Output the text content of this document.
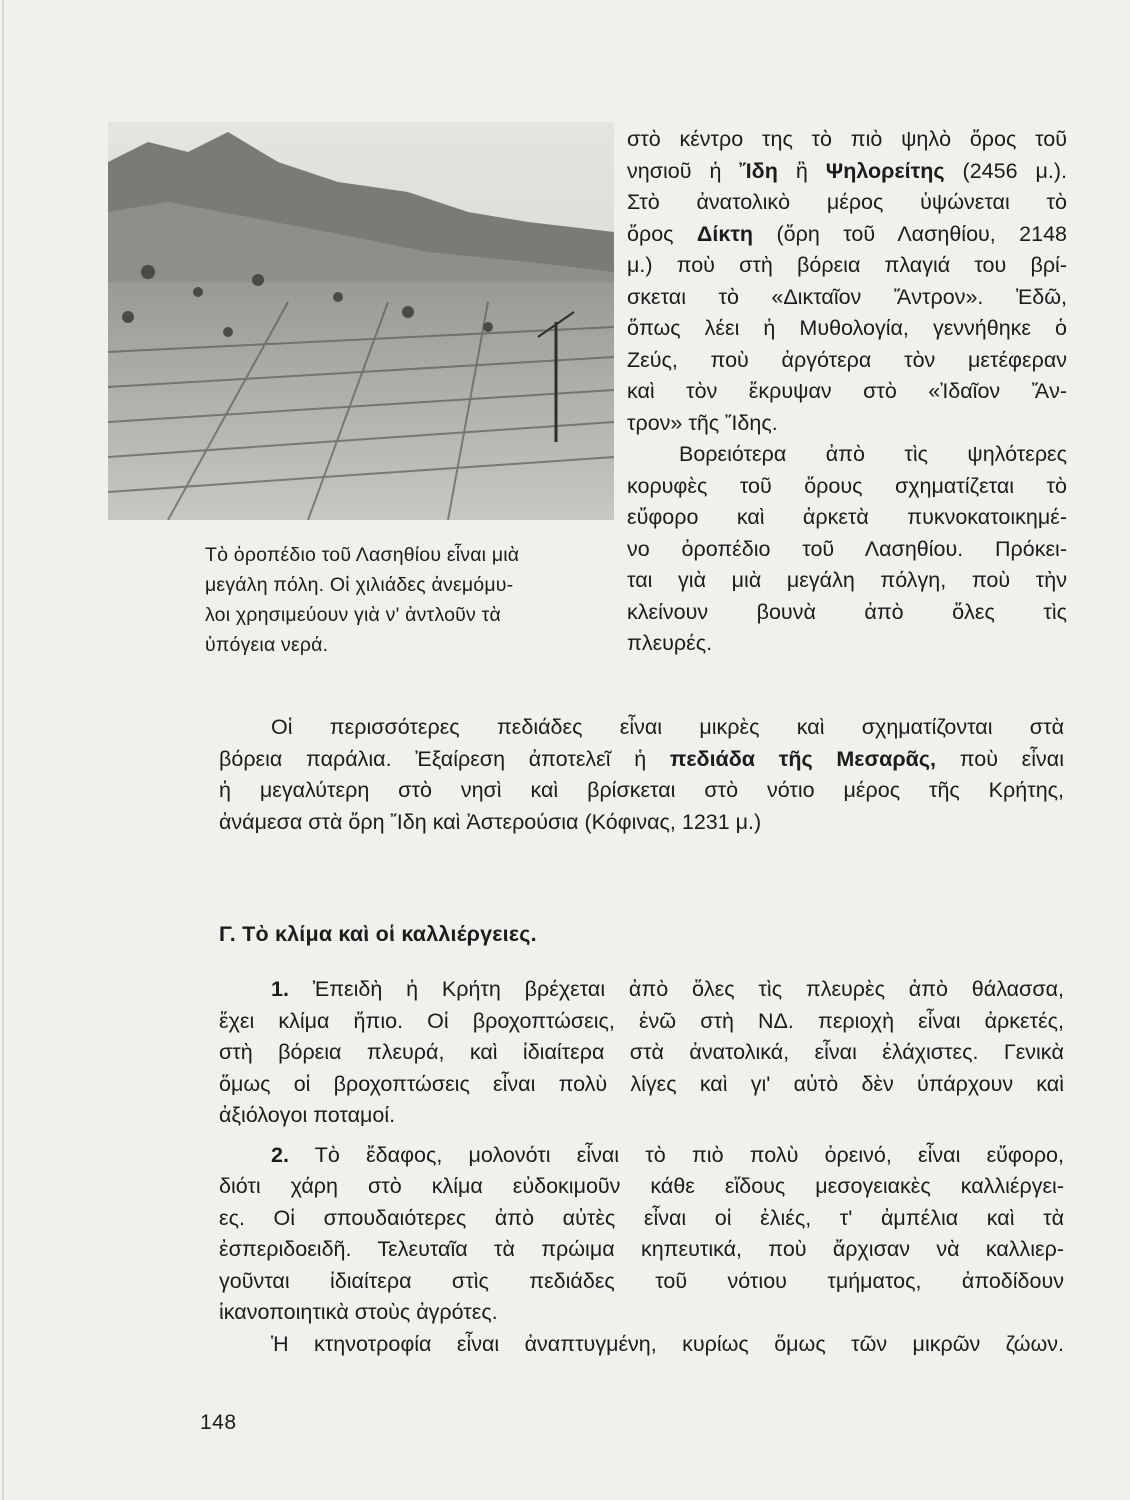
Τὸ ὀροπέδιο τοῦ Λασηθίου εἶναι μιὰ
μεγάλη πόλη. Οἱ χιλιάδες ἀνεμόμυ-
λοι χρησιμεύουν γιὰ ν' ἀντλοῦν τὰ
ὑπόγεια νερά.
στὸ κέντρο της τὸ πιὸ ψηλὸ ὄρος τοῦ
νησιοῦ ἡ Ἴδη ἢ Ψηλορείτης (2456 μ.).
Στὸ ἀνατολικὸ μέρος ὑψώνεται τὸ
ὄρος Δίκτη (ὄρη τοῦ Λασηθίου, 2148
μ.) ποὺ στὴ βόρεια πλαγιά του βρί-
σκεται τὸ «Δικταῖον Ἄντρον». Ἐδῶ,
ὅπως λέει ἡ Μυθολογία, γεννήθηκε ὁ
Ζεύς, ποὺ ἀργότερα τὸν μετέφεραν
καὶ τὸν ἔκρυψαν στὸ «Ἰδαῖον Ἄν-
τρον» τῆς Ἴδης.
Βορειότερα ἀπὸ τὶς ψηλότερες
κορυφὲς τοῦ ὄρους σχηματίζεται τὸ
εὔφορο καὶ ἀρκετὰ πυκνοκατοικημέ-
νο ὀροπέδιο τοῦ Λασηθίου. Πρόκει-
ται γιὰ μιὰ μεγάλη πόλγη, ποὺ τὴν
κλείνουν βουνὰ ἀπὸ ὅλες τὶς
πλευρές.
Οἱ περισσότερες πεδιάδες εἶναι μικρὲς καὶ σχηματίζονται στὰ
βόρεια παράλια. Ἐξαίρεση ἀποτελεῖ ἡ πεδιάδα τῆς Μεσαρᾶς, ποὺ εἶναι
ἡ μεγαλύτερη στὸ νησὶ καὶ βρίσκεται στὸ νότιο μέρος τῆς Κρήτης,
ἀνάμεσα στὰ ὄρη Ἴδη καὶ Ἀστερούσια (Κόφινας, 1231 μ.)
Γ. Τὸ κλίμα καὶ οἱ καλλιέργειες.
1. Ἐπειδὴ ἡ Κρήτη βρέχεται ἀπὸ ὅλες τὶς πλευρὲς ἀπὸ θάλασσα,
ἔχει κλίμα ἤπιο. Οἱ βροχοπτώσεις, ἐνῶ στὴ ΝΔ. περιοχὴ εἶναι ἀρκετές,
στὴ βόρεια πλευρά, καὶ ἰδιαίτερα στὰ ἀνατολικά, εἶναι ἐλάχιστες. Γενικὰ
ὅμως οἱ βροχοπτώσεις εἶναι πολὺ λίγες καὶ γι' αὐτὸ δὲν ὑπάρχουν καὶ
ἀξιόλογοι ποταμοί.
2. Τὸ ἔδαφος, μολονότι εἶναι τὸ πιὸ πολὺ ὀρεινό, εἶναι εὔφορο,
διότι χάρη στὸ κλίμα εὐδοκιμοῦν κάθε εἴδους μεσογειακὲς καλλιέργει-
ες. Οἱ σπουδαιότερες ἀπὸ αὐτὲς εἶναι οἱ ἐλιές, τ' ἀμπέλια καὶ τὰ
ἐσπεριδοειδῆ. Τελευταῖα τὰ πρώιμα κηπευτικά, ποὺ ἄρχισαν νὰ καλλιερ-
γοῦνται ἰδιαίτερα στὶς πεδιάδες τοῦ νότιου τμήματος, ἀποδίδουν
ἱκανοποιητικὰ στοὺς ἀγρότες.
Ἡ κτηνοτροφία εἶναι ἀναπτυγμένη, κυρίως ὅμως τῶν μικρῶν ζώων.
148
